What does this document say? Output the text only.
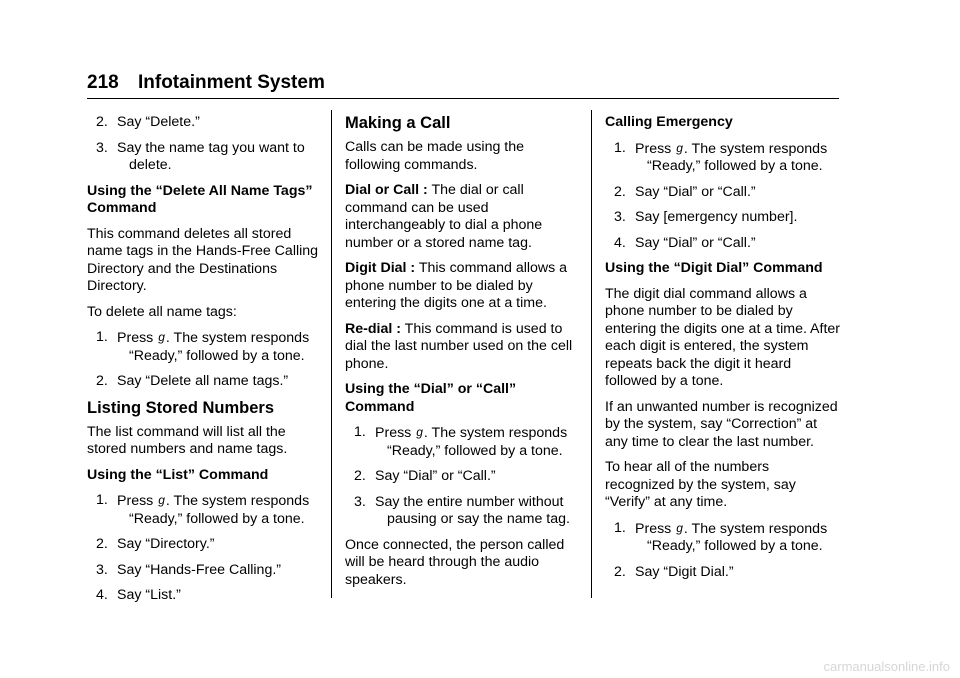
218 Infotainment System
2. Say “Delete.”
3. Say the name tag you want to
delete.

Using the “Delete All Name Tags” Command

This command deletes all stored name tags in the Hands-Free Calling Directory and the Destinations Directory.

To delete all name tags:

1. Press g. The system responds
“Ready,” followed by a tone.
2. Say “Delete all name tags.”
Listing Stored Numbers

The list command will list all the stored numbers and name tags.

Using the “List” Command

1. Press g. The system responds
“Ready,” followed by a tone.
2. Say “Directory.”
3. Say “Hands-Free Calling.”
4. Say “List.”
Making a Call

Calls can be made using the following commands.

Dial or Call : The dial or call command can be used interchangeably to dial a phone number or a stored name tag.

Digit Dial : This command allows a phone number to be dialed by entering the digits one at a time.

Re-dial : This command is used to dial the last number used on the cell phone.

Using the “Dial” or “Call” Command

1. Press g. The system responds
“Ready,” followed by a tone.
2. Say “Dial” or “Call.”
3. Say the entire number without
pausing or say the name tag.

Once connected, the person called will be heard through the audio speakers.

Calling Emergency

1. Press g. The system responds
“Ready,” followed by a tone.
2. Say “Dial” or “Call.”
3. Say [emergency number].
4. Say “Dial” or “Call.”

Using the “Digit Dial” Command

The digit dial command allows a phone number to be dialed by entering the digits one at a time. After each digit is entered, the system repeats back the digit it heard followed by a tone.

If an unwanted number is recognized by the system, say “Correction” at any time to clear the last number.

To hear all of the numbers recognized by the system, say “Verify” at any time.

1. Press g. The system responds
“Ready,” followed by a tone.
2. Say “Digit Dial.”
carmanualsonline.info
